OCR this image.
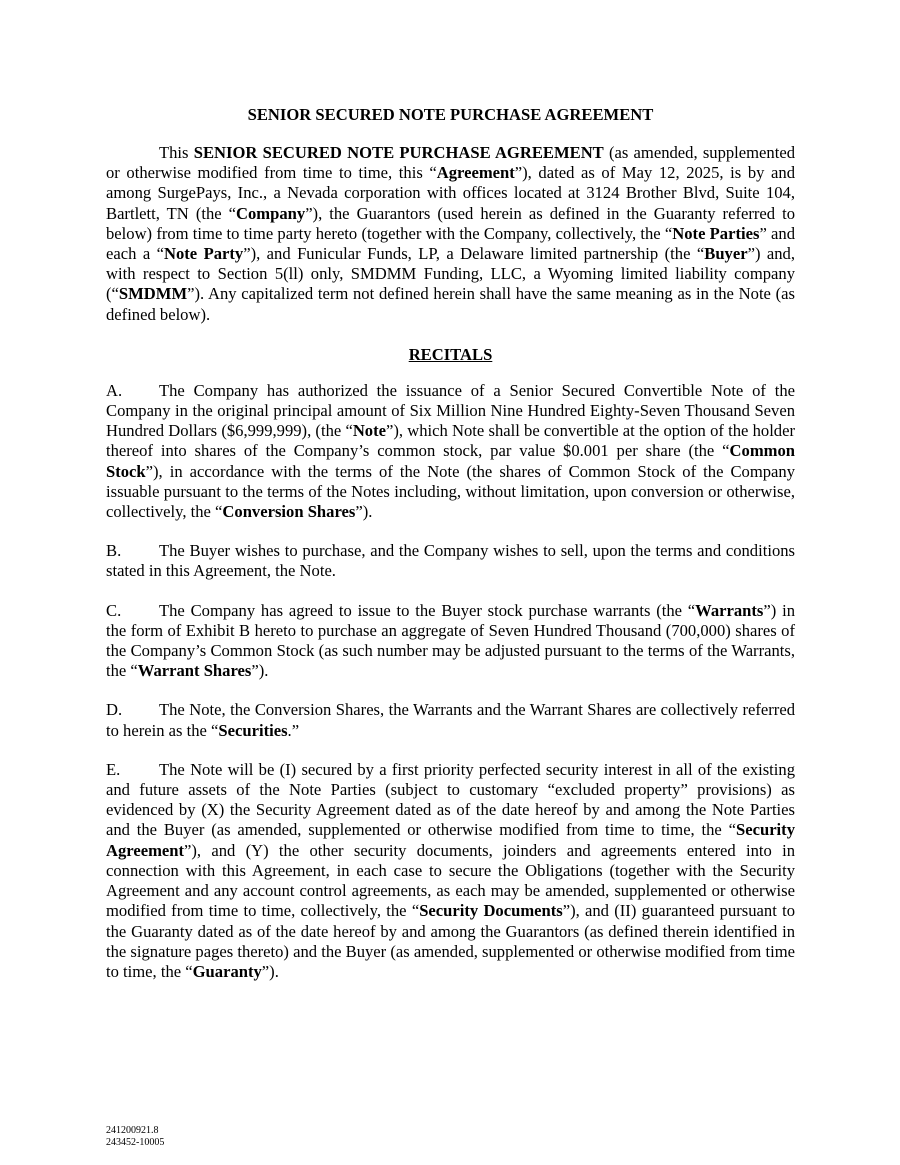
SENIOR SECURED NOTE PURCHASE AGREEMENT

This SENIOR SECURED NOTE PURCHASE AGREEMENT (as amended, supplemented or otherwise modified from time to time, this “Agreement”), dated as of May 12, 2025, is by and among SurgePays, Inc., a Nevada corporation with offices located at 3124 Brother Blvd, Suite 104, Bartlett, TN (the “Company”), the Guarantors (used herein as defined in the Guaranty referred to below) from time to time party hereto (together with the Company, collectively, the “Note Parties” and each a “Note Party”), and Funicular Funds, LP, a Delaware limited partnership (the “Buyer”) and, with respect to Section 5(ll) only, SMDMM Funding, LLC, a Wyoming limited liability company (“SMDMM”). Any capitalized term not defined herein shall have the same meaning as in the Note (as defined below).

RECITALS

A. The Company has authorized the issuance of a Senior Secured Convertible Note of the Company in the original principal amount of Six Million Nine Hundred Eighty-Seven Thousand Seven Hundred Dollars ($6,999,999), (the “Note”), which Note shall be convertible at the option of the holder thereof into shares of the Company’s common stock, par value $0.001 per share (the “Common Stock”), in accordance with the terms of the Note (the shares of Common Stock of the Company issuable pursuant to the terms of the Notes including, without limitation, upon conversion or otherwise, collectively, the “Conversion Shares”).

B. The Buyer wishes to purchase, and the Company wishes to sell, upon the terms and conditions stated in this Agreement, the Note.

C. The Company has agreed to issue to the Buyer stock purchase warrants (the “Warrants”) in the form of Exhibit B hereto to purchase an aggregate of Seven Hundred Thousand (700,000) shares of the Company’s Common Stock (as such number may be adjusted pursuant to the terms of the Warrants, the “Warrant Shares”).

D. The Note, the Conversion Shares, the Warrants and the Warrant Shares are collectively referred to herein as the “Securities.”

E. The Note will be (I) secured by a first priority perfected security interest in all of the existing and future assets of the Note Parties (subject to customary “excluded property” provisions) as evidenced by (X) the Security Agreement dated as of the date hereof by and among the Note Parties and the Buyer (as amended, supplemented or otherwise modified from time to time, the “Security Agreement”), and (Y) the other security documents, joinders and agreements entered into in connection with this Agreement, in each case to secure the Obligations (together with the Security Agreement and any account control agreements, as each may be amended, supplemented or otherwise modified from time to time, collectively, the “Security Documents”), and (II) guaranteed pursuant to the Guaranty dated as of the date hereof by and among the Guarantors (as defined therein identified in the signature pages thereto) and the Buyer (as amended, supplemented or otherwise modified from time to time, the “Guaranty”).

241200921.8
243452-10005
